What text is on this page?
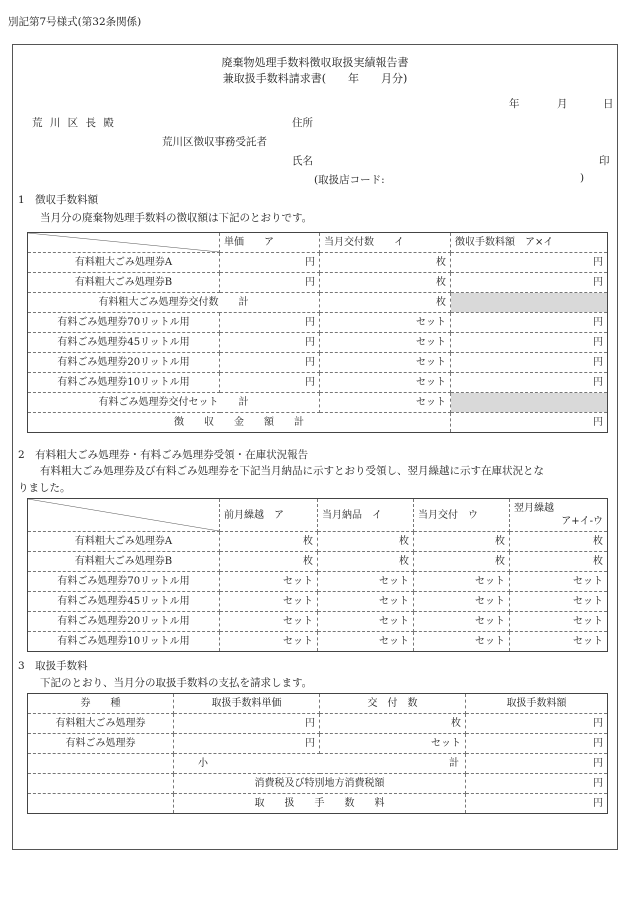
別記第7号様式(第32条関係)
廃棄物処理手数料徴収取扱実績報告書
兼取扱手数料請求書(　　年　　月分)
年	月	日
荒 川 区 長 殿	住所
荒川区徴収事務受託者
氏名	印
(取扱店コード:	)
1　徴収手数料額
当月分の廃棄物処理手数料の徴収額は下記のとおりです。
	単価　　ア	当月交付数　　イ	徴収手数料額　ア×イ
有料粗大ごみ処理券A	円	枚	円
有料粗大ごみ処理券B	円	枚	円
有料粗大ごみ処理券交付数　　計		枚	
有料ごみ処理券70リットル用	円	セット	円
有料ごみ処理券45リットル用	円	セット	円
有料ごみ処理券20リットル用	円	セット	円
有料ごみ処理券10リットル用	円	セット	円
有料ごみ処理券交付セット　　計		セット	
徴　　収　　金　　額　　計			円
2　有料粗大ごみ処理券・有料ごみ処理券受領・在庫状況報告
有料粗大ごみ処理券及び有料ごみ処理券を下記当月納品に示すとおり受領し、翌月繰越に示す在庫状況とな
りました。
	前月繰越　ア	当月納品　イ	当月交付　ウ	翌月繰越
ア+イ-ウ

有料粗大ごみ処理券A	枚	枚	枚	枚
有料粗大ごみ処理券B	枚	枚	枚	枚
有料ごみ処理券70リットル用	セット	セット	セット	セット
有料ごみ処理券45リットル用	セット	セット	セット	セット
有料ごみ処理券20リットル用	セット	セット	セット	セット
有料ごみ処理券10リットル用	セット	セット	セット	セット
3　取扱手数料
下記のとおり、当月分の取扱手数料の支払を請求します。
券　　種	取扱手数料単価	交　付　数	取扱手数料額
有料粗大ごみ処理券	円	枚	円
有料ごみ処理券	円	セット	円

	小 計		円
	消費税及び特別地方消費税額		円
	取　　扱　　手　　数　　料		円
